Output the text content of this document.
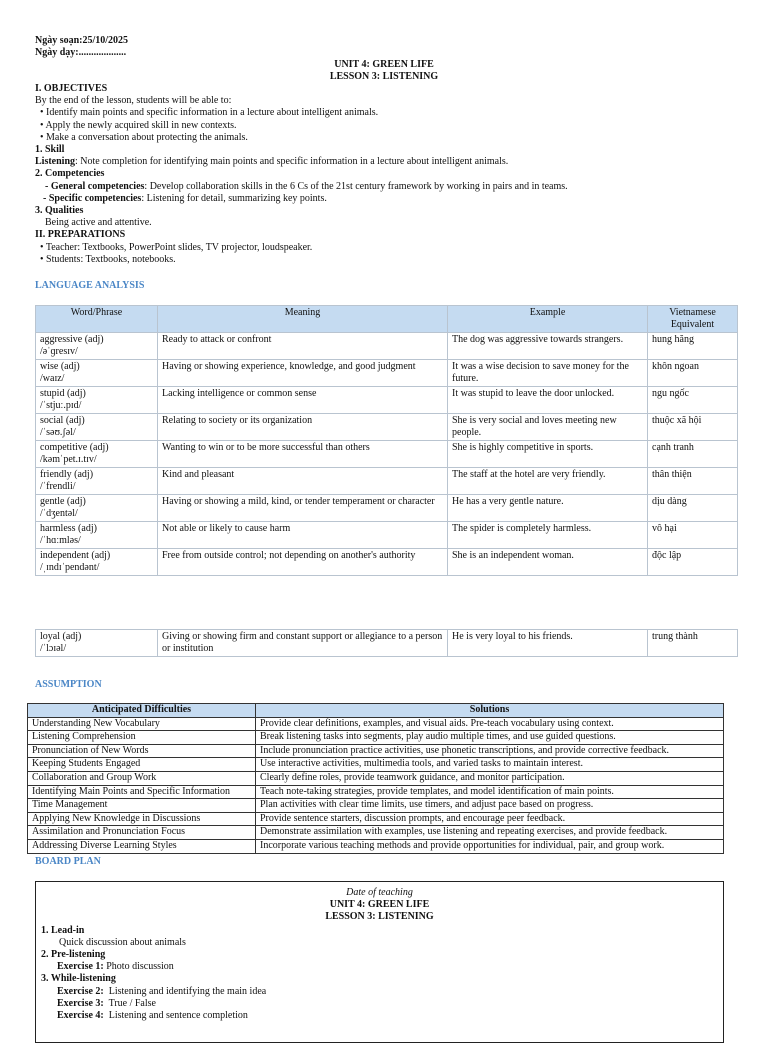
Ngày soạn:25/10/2025
Ngày dạy:...................
UNIT 4: GREEN LIFE
LESSON 3: LISTENING
I. OBJECTIVES
By the end of the lesson, students will be able to:
• Identify main points and specific information in a lecture about intelligent animals.
• Apply the newly acquired skill in new contexts.
• Make a conversation about protecting the animals.
1. Skill
Listening: Note completion for identifying main points and specific information in a lecture about intelligent animals.
2. Competencies
- General competencies: Develop collaboration skills in the 6 Cs of the 21st century framework by working in pairs and in teams.
- Specific competencies: Listening for detail, summarizing key points.
3. Qualities
Being active and attentive.
II. PREPARATIONS
• Teacher: Textbooks, PowerPoint slides, TV projector, loudspeaker.
• Students: Textbooks, notebooks.
LANGUAGE ANALYSIS
Word/Phrase	Meaning	Example	Vietnamese Equivalent

aggressive (adj)
/əˈɡresɪv/	Ready to attack or confront	The dog was aggressive towards strangers.	hung hăng

wise (adj)
/waɪz/	Having or showing experience, knowledge, and good judgment	It was a wise decision to save money for the future.	khôn ngoan

stupid (adj)
/ˈstjuː.pɪd/	Lacking intelligence or common sense	It was stupid to leave the door unlocked.	ngu ngốc

social (adj)
/ˈsəʊ.ʃəl/	Relating to society or its organization	She is very social and loves meeting new people.	thuộc xã hội

competitive (adj)
/kəmˈpet.ɪ.tɪv/	Wanting to win or to be more successful than others	She is highly competitive in sports.	cạnh tranh

friendly (adj)
/ˈfrendli/	Kind and pleasant	The staff at the hotel are very friendly.	thân thiện

gentle (adj)
/ˈdʒentəl/	Having or showing a mild, kind, or tender temperament or character	He has a very gentle nature.	dịu dàng

harmless (adj)
/ˈhɑːmləs/	Not able or likely to cause harm	The spider is completely harmless.	vô hại

independent (adj)
/ˌɪndɪˈpendənt/	Free from outside control; not depending on another's authority	She is an independent woman.	độc lập
loyal (adj)
/ˈlɔɪəl/
	Giving or showing firm and constant support or allegiance to a person or institution	He is very loyal to his friends.	trung thành
ASSUMPTION
Anticipated Difficulties	Solutions
Understanding New Vocabulary	Provide clear definitions, examples, and visual aids. Pre-teach vocabulary using context.
Listening Comprehension	Break listening tasks into segments, play audio multiple times, and use guided questions.
Pronunciation of New Words	Include pronunciation practice activities, use phonetic transcriptions, and provide corrective feedback.
Keeping Students Engaged	Use interactive activities, multimedia tools, and varied tasks to maintain interest.
Collaboration and Group Work	Clearly define roles, provide teamwork guidance, and monitor participation.
Identifying Main Points and Specific Information	Teach note-taking strategies, provide templates, and model identification of main points.
Time Management	Plan activities with clear time limits, use timers, and adjust pace based on progress.
Applying New Knowledge in Discussions	Provide sentence starters, discussion prompts, and encourage peer feedback.
Assimilation and Pronunciation Focus	Demonstrate assimilation with examples, use listening and repeating exercises, and provide feedback.
Addressing Diverse Learning Styles	Incorporate various teaching methods and provide opportunities for individual, pair, and group work.
BOARD PLAN
Date of teaching
UNIT 4: GREEN LIFE
LESSON 3: LISTENING
1. Lead-in
Quick discussion about animals
2. Pre-listening
Exercise 1: Photo discussion
3. While-listening
Exercise 2:  Listening and identifying the main idea
Exercise 3:  True / False
Exercise 4:  Listening and sentence completion
